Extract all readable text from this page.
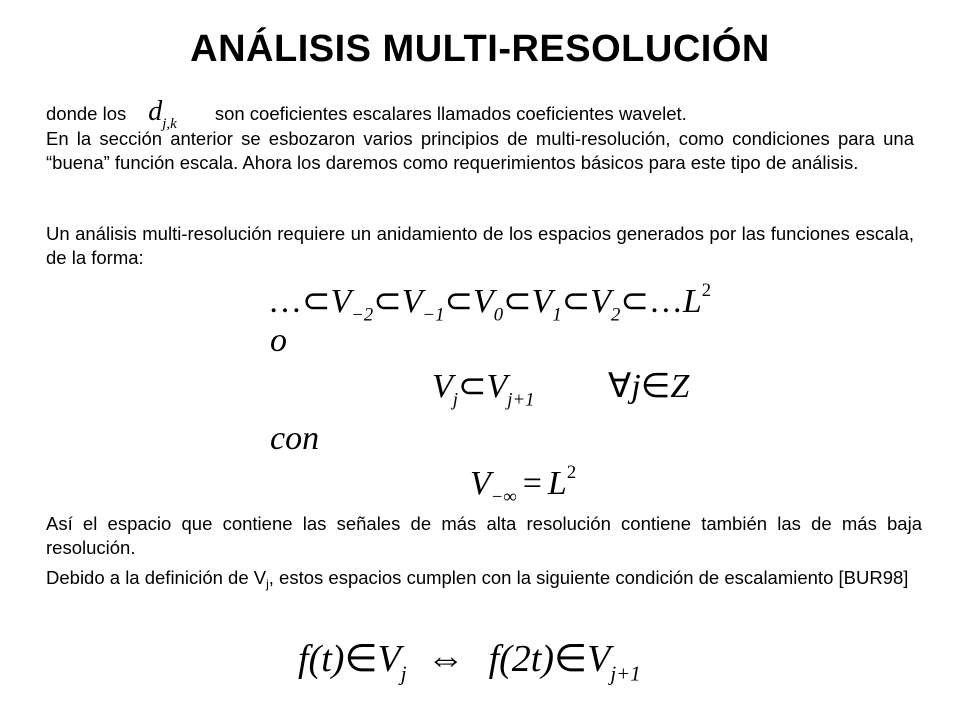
ANÁLISIS MULTI-RESOLUCIÓN
donde los $d_{j,k}$ son coeficientes escalares llamados coeficientes wavelet.
En la sección anterior se esbozaron varios principios de multi-resolución, como condiciones para una “buena” función escala. Ahora los daremos como requerimientos básicos para este tipo de análisis.
Un análisis multi-resolución requiere un anidamiento de los espacios generados por las funciones escala, de la forma:
$\dots\subset V_{-2}\subset V_{-1}\subset V_0\subset V_1\subset V_2\subset\dots L^2$
o
$V_j\subset V_{j+1}$ ∀j∈Z
con
$V_{-\infty} = L^2$
Así el espacio que contiene las señales de más alta resolución contiene también las de más baja resolución.
Debido a la definición de $V_j$, estos espacios cumplen con la siguiente condición de escalamiento [BUR98]
$f(t)\in V_j$ ⇔ $f(2t)\in V_{j+1}$
